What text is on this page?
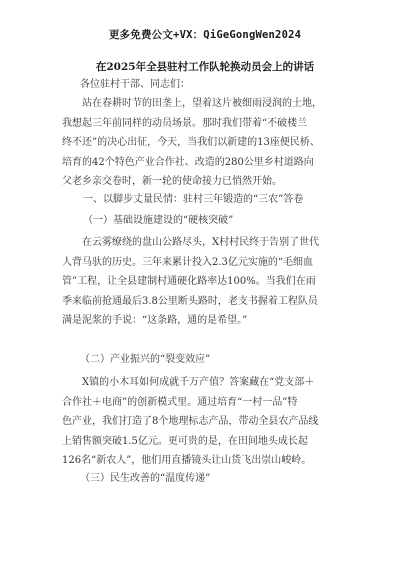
更多免费公文+VX：QiGeGongWen2024
在2025年全县驻村工作队轮换动员会上的讲话
各位驻村干部、同志们：
站在春耕时节的田垄上，望着这片被细雨浸润的土地，
我想起三年前同样的动员场景。那时我们带着“不破楼兰
终不还”的决心出征，今天，当我们以新建的13座便民桥、
培育的42个特色产业合作社、改造的280公里乡村道路向
父老乡亲交卷时，新一轮的使命接力已悄然开始。
一、以脚步丈量民情：驻村三年锻造的“三农”答卷
（一）基础设施建设的“硬核突破”
在云雾缭绕的盘山公路尽头，X村村民终于告别了世代
人背马驮的历史。三年来累计投入2.3亿元实施的“毛细血
管”工程，让全县建制村通硬化路率达100%。当我们在雨
季来临前抢通最后3.8公里断头路时，老支书握着工程队员
满是泥浆的手说：“这条路，通的是希望。”
（二）产业振兴的“裂变效应”
X镇的小木耳如何成就千万产值？答案藏在“党支部＋
合作社＋电商”的创新模式里。通过培育“一村一品”特
色产业，我们打造了8个地理标志产品，带动全县农产品线
上销售额突破1.5亿元。更可贵的是，在田间地头成长起
126名“新农人”，他们用直播镜头让山货飞出崇山峻岭。
（三）民生改善的“温度传递”
